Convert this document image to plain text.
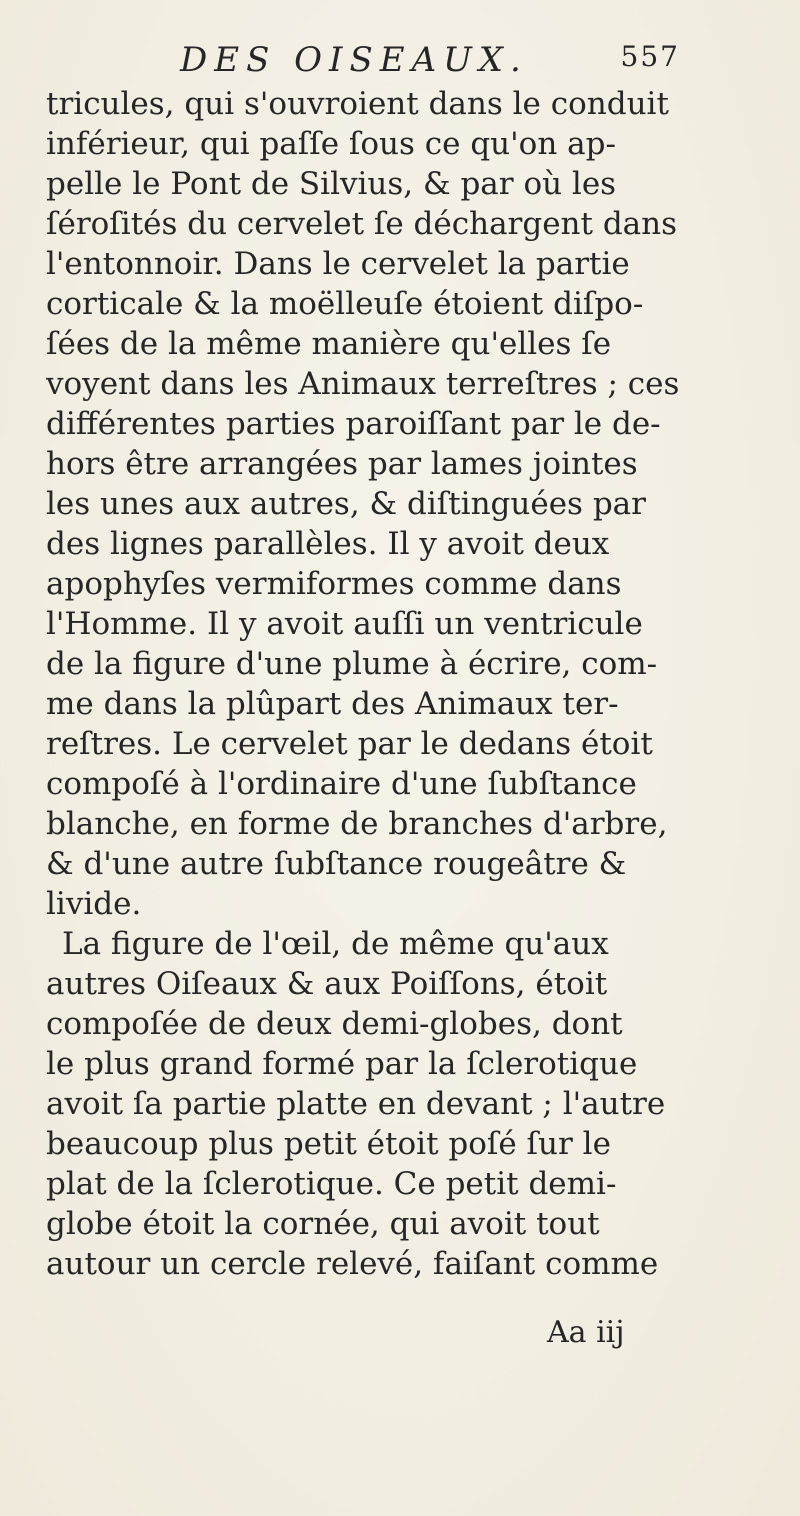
DES OISEAUX.	557
tricules, qui s'ouvroient dans le conduit
inférieur, qui paſſe ſous ce qu'on ap-
pelle le Pont de Silvius, & par où les
ſéroſités du cervelet ſe déchargent dans
l'entonnoir. Dans le cervelet la partie
corticale & la moëlleuſe étoient diſpo-
ſées de la même manière qu'elles ſe
voyent dans les Animaux terreſtres ; ces
différentes parties paroiſſant par le de-
hors être arrangées par lames jointes
les unes aux autres, & diſtinguées par
des lignes parallèles. Il y avoit deux
apophyſes vermiformes comme dans
l'Homme. Il y avoit auſſi un ventricule
de la figure d'une plume à écrire, com-
me dans la plûpart des Animaux ter-
reſtres. Le cervelet par le dedans étoit
compoſé à l'ordinaire d'une ſubſtance
blanche, en forme de branches d'arbre,
& d'une autre ſubſtance rougeâtre &
livide.
La figure de l'œil, de même qu'aux
autres Oiſeaux & aux Poiſſons, étoit
compoſée de deux demi-globes, dont
le plus grand formé par la ſclerotique
avoit ſa partie platte en devant ; l'autre
beaucoup plus petit étoit poſé ſur le
plat de la ſclerotique. Ce petit demi-
globe étoit la cornée, qui avoit tout
autour un cercle relevé, faiſant comme
Aa iij
